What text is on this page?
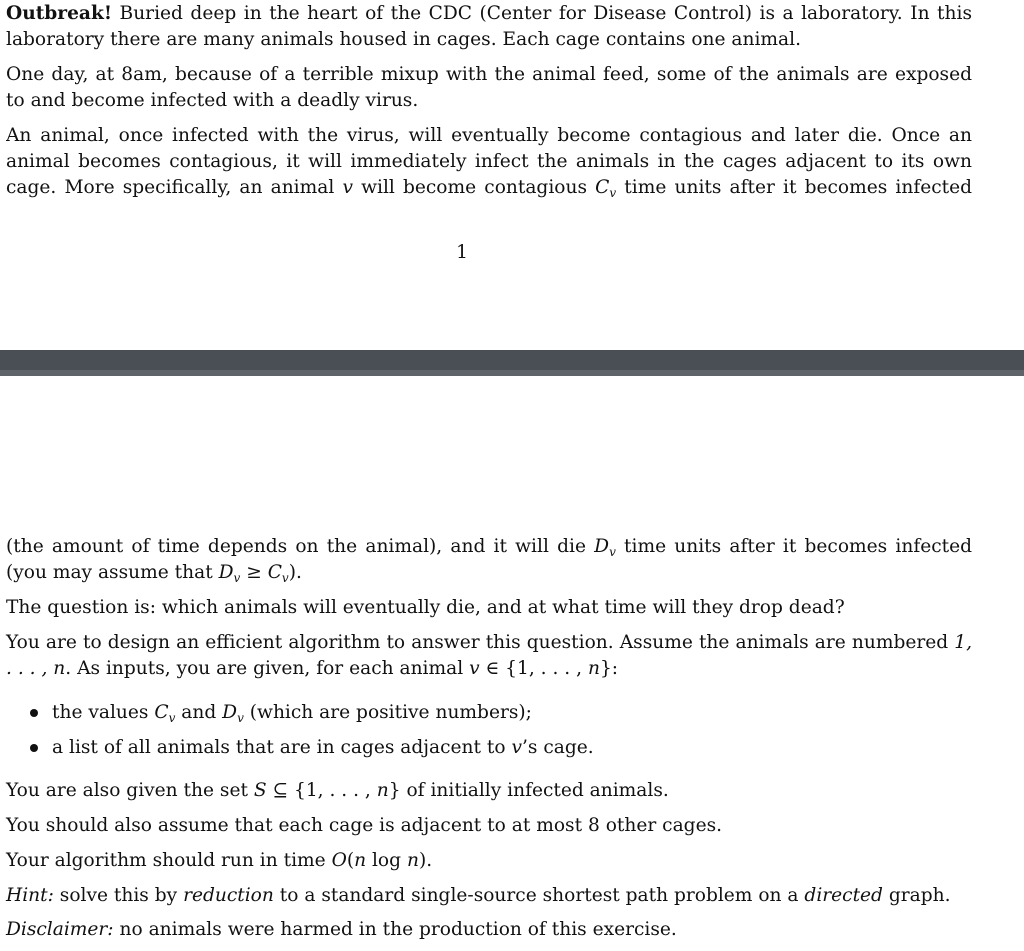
Outbreak! Buried deep in the heart of the CDC (Center for Disease Control) is a laboratory. In this laboratory there are many animals housed in cages. Each cage contains one animal.

One day, at 8am, because of a terrible mixup with the animal feed, some of the animals are exposed to and become infected with a deadly virus.

An animal, once infected with the virus, will eventually become contagious and later die. Once an animal becomes contagious, it will immediately infect the animals in the cages adjacent to its own cage. More specifically, an animal v will become contagious $C_v$ time units after it becomes infected

1

(the amount of time depends on the animal), and it will die $D_v$ time units after it becomes infected (you may assume that $D_v \ge C_v$).

The question is: which animals will eventually die, and at what time will they drop dead?

You are to design an efficient algorithm to answer this question. Assume the animals are numbered 1, . . . , n. As inputs, you are given, for each animal v ∈ {1, . . . , n}:

the values $C_v$ and $D_v$ (which are positive numbers);
a list of all animals that are in cages adjacent to v’s cage.

You are also given the set S ⊆ {1, . . . , n} of initially infected animals.

You should also assume that each cage is adjacent to at most 8 other cages.

Your algorithm should run in time O(n log n).

Hint: solve this by reduction to a standard single-source shortest path problem on a directed graph.

Disclaimer: no animals were harmed in the production of this exercise.
